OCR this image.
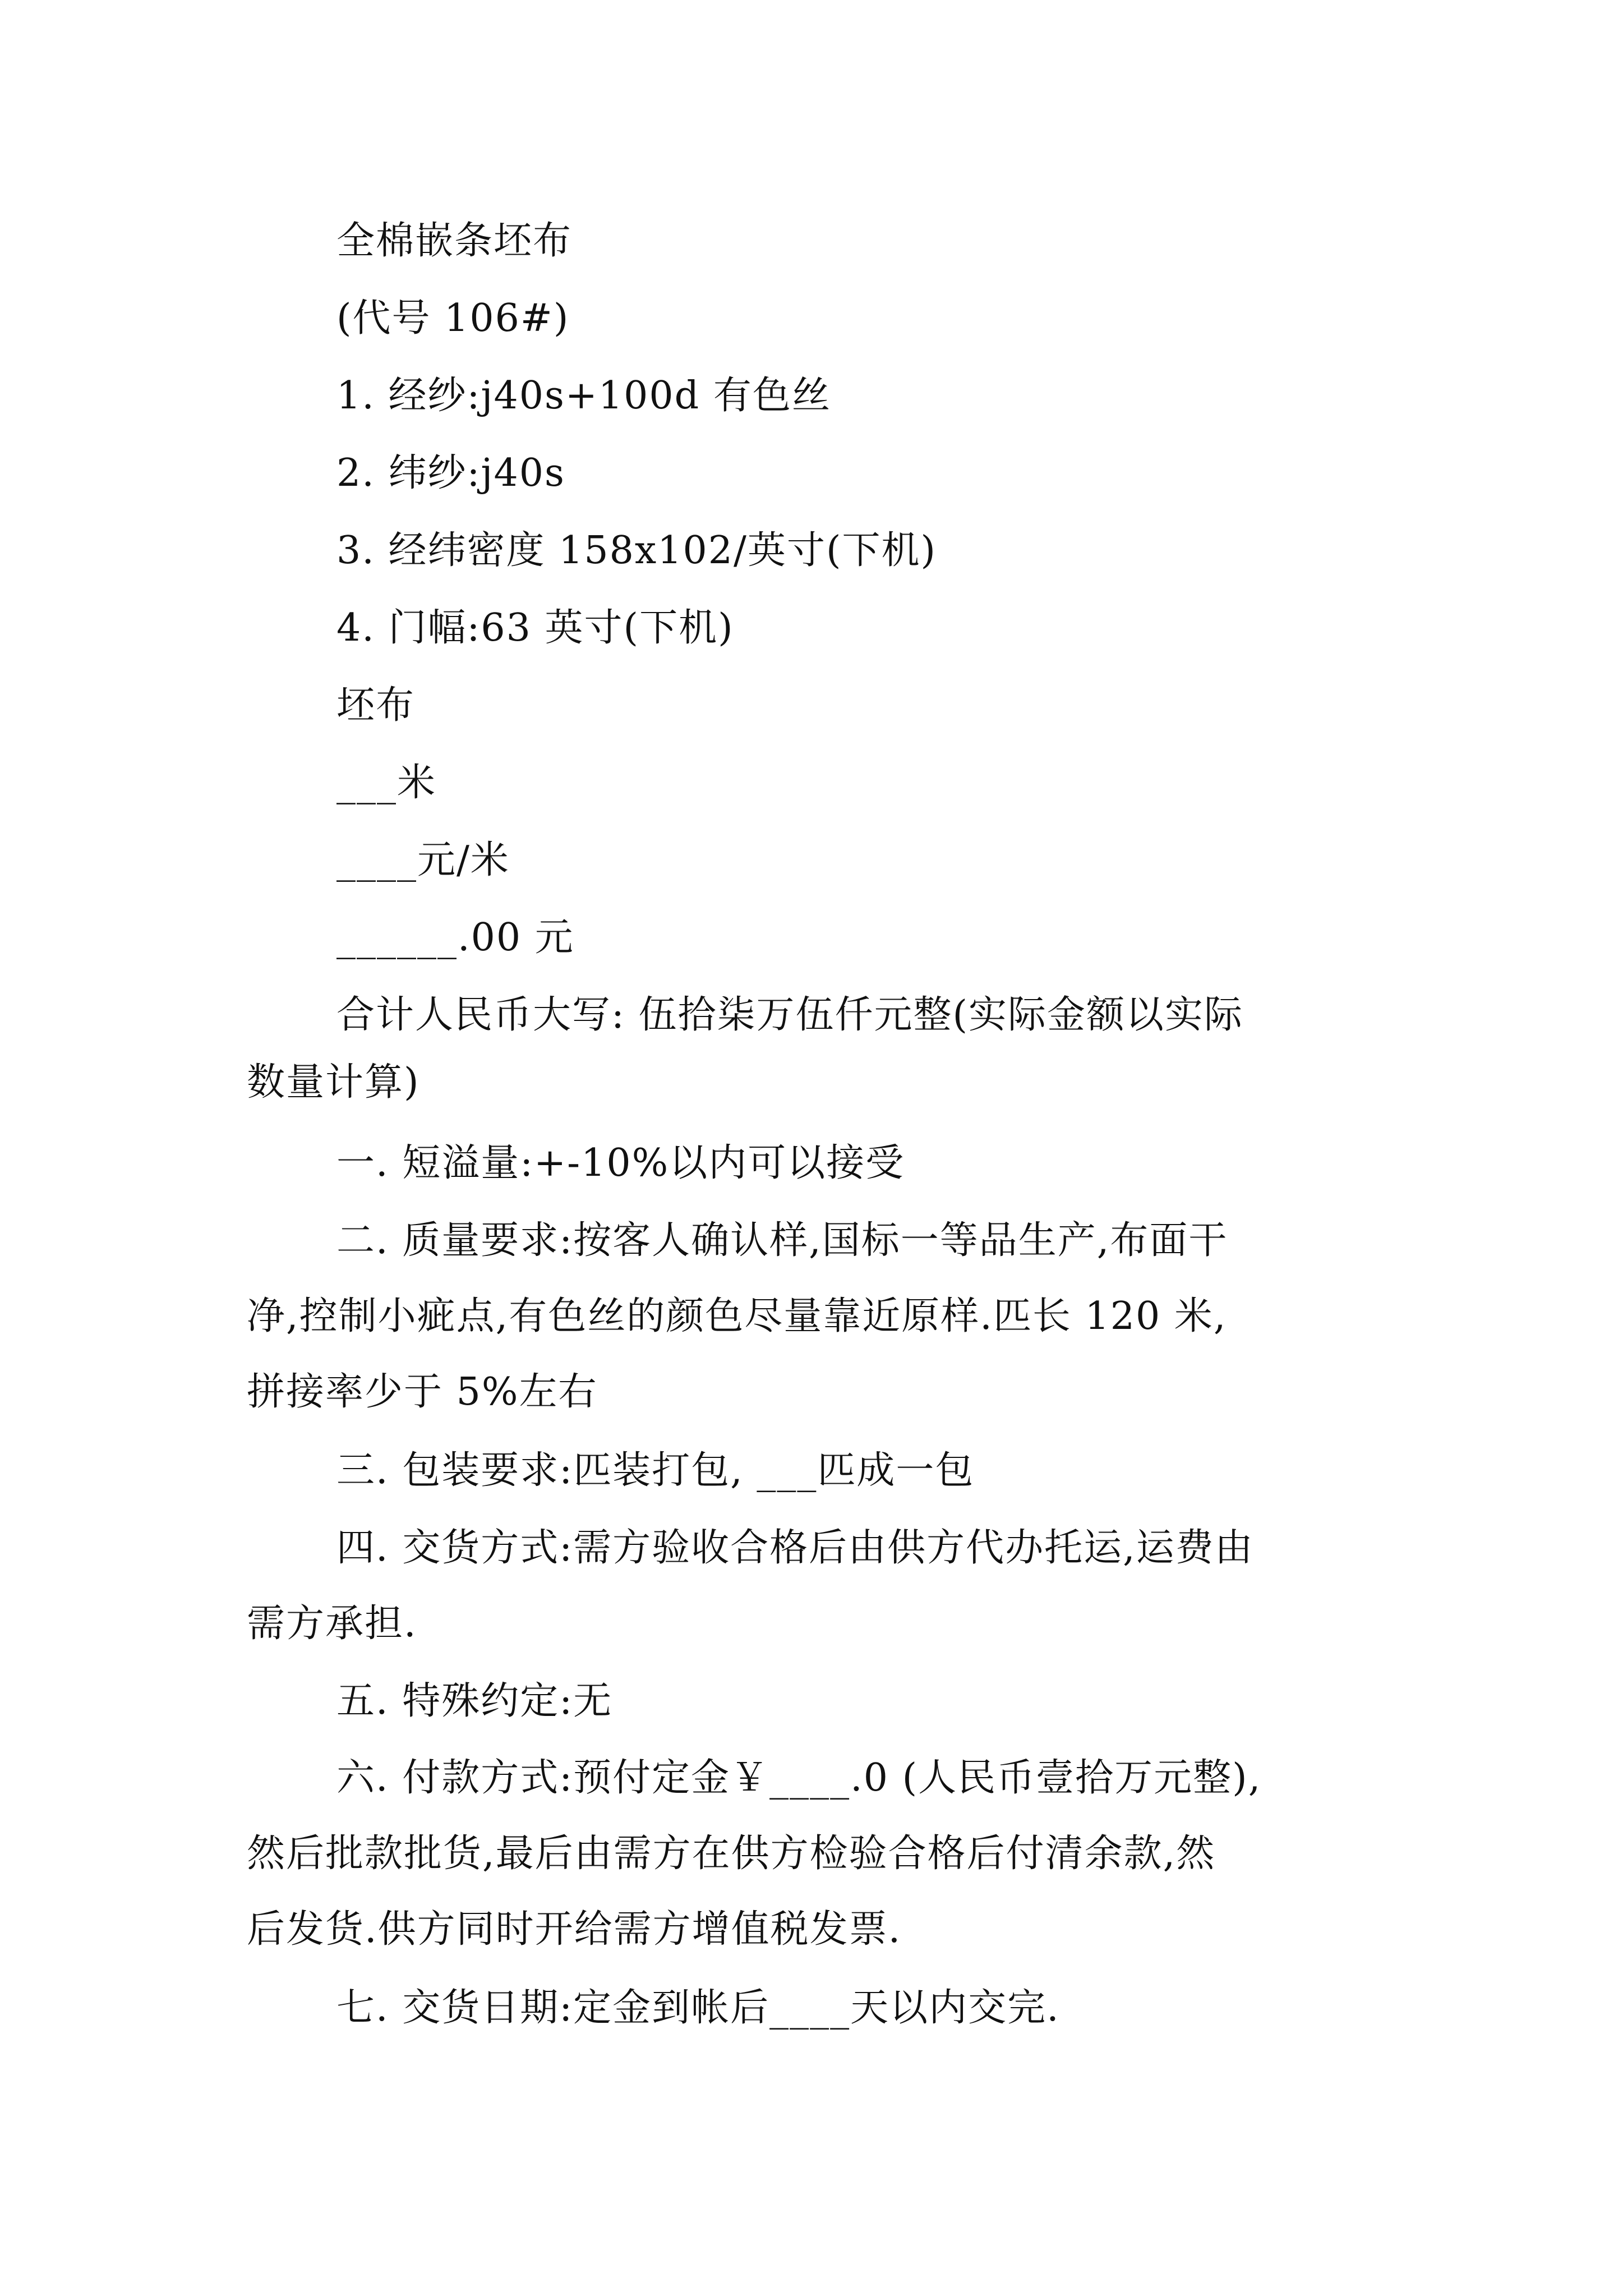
全棉嵌条坯布
(代号 106#)
1. 经纱:j40s+100d 有色丝
2. 纬纱:j40s
3. 经纬密度 158x102/英寸(下机)
4. 门幅:63 英寸(下机)
坯布
___米
____元/米
______.00 元
合计人民币大写: 伍拾柒万伍仟元整(实际金额以实际
数量计算)
一. 短溢量:+-10%以内可以接受
二. 质量要求:按客人确认样,国标一等品生产,布面干
净,控制小疵点,有色丝的颜色尽量靠近原样.匹长 120 米,
拼接率少于 5%左右
三. 包装要求:匹装打包, ___匹成一包
四. 交货方式:需方验收合格后由供方代办托运,运费由
需方承担.
五. 特殊约定:无
六. 付款方式:预付定金￥____.0 (人民币壹拾万元整),
然后批款批货,最后由需方在供方检验合格后付清余款,然
后发货.供方同时开给需方增值税发票.
七. 交货日期:定金到帐后____天以内交完.
